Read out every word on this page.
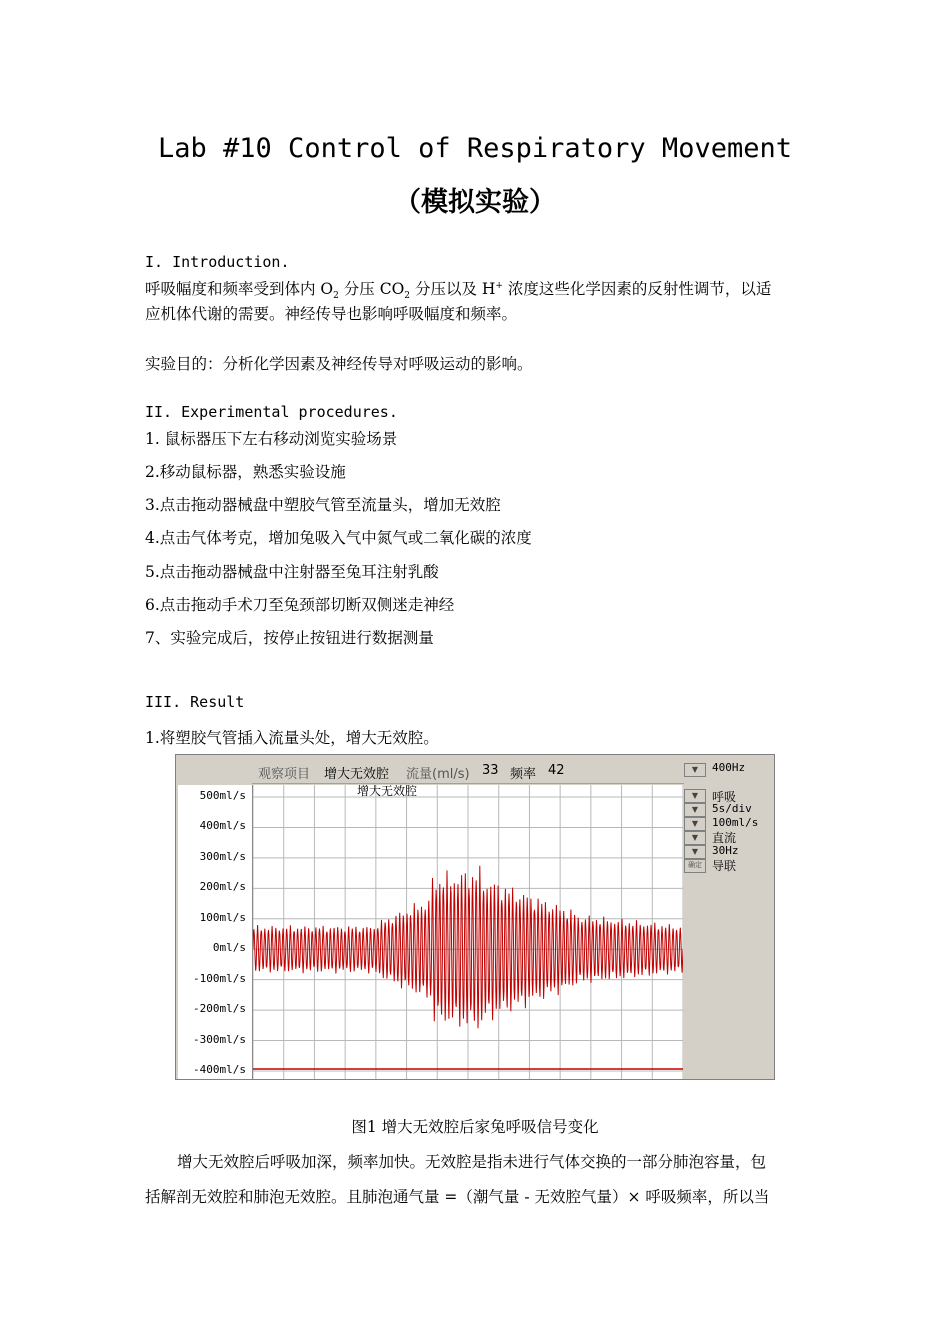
Lab #10 Control of Respiratory Movement
（模拟实验）
I. Introduction.
呼吸幅度和频率受到体内 $O_2$ 分压 $CO_2$ 分压以及 H+ 浓度这些化学因素的反射性调节，以适
应机体代谢的需要。神经传导也影响呼吸幅度和频率。
实验目的：分析化学因素及神经传导对呼吸运动的影响。
II. Experimental procedures.
1. 鼠标器压下左右移动浏览实验场景
2.移动鼠标器，熟悉实验设施
3.点击拖动器械盘中塑胶气管至流量头，增加无效腔
4.点击气体考克，增加兔吸入气中氮气或二氧化碳的浓度
5.点击拖动器械盘中注射器至兔耳注射乳酸
6.点击拖动手术刀至兔颈部切断双侧迷走神经
7、实验完成后，按停止按钮进行数据测量
III. Result
1.将塑胶气管插入流量头处，增大无效腔。
观察项目 增大无效腔 流量(ml/s) 33 频率 42
500ml/s
400ml/s
300ml/s
200ml/s
100ml/s
0ml/s
-100ml/s
-200ml/s
-300ml/s
-400ml/s
增大无效腔
▼	400Hz
▼	呼吸
▼	5s/div
▼	100ml/s
▼	直流
▼	30Hz
确定 导联
图1 增大无效腔后家兔呼吸信号变化
增大无效腔后呼吸加深，频率加快。无效腔是指未进行气体交换的一部分肺泡容量，包
括解剖无效腔和肺泡无效腔。且肺泡通气量 =（潮气量 - 无效腔气量）× 呼吸频率，所以当
